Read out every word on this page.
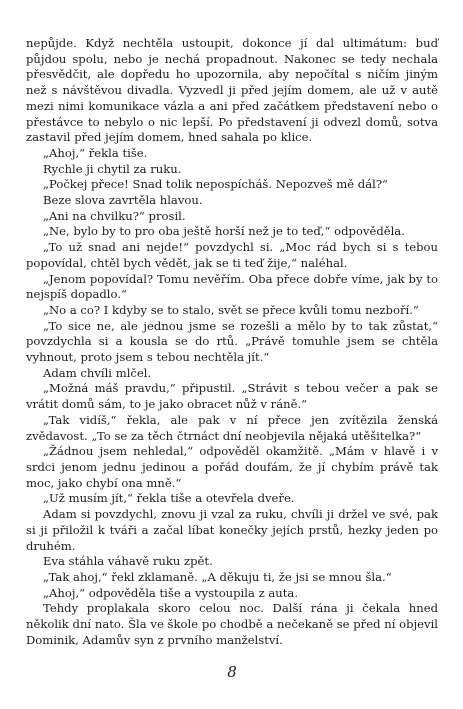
nepůjde. Když nechtěla ustoupit, dokonce jí dal ultimátum: buď půjdou spolu, nebo je nechá propadnout. Nakonec se tedy nechala přesvědčit, ale dopředu ho upozornila, aby nepočítal s ničím jiným než s návštěvou divadla. Vyzvedl ji před jejím domem, ale už v autě mezi nimi komunikace vázla a ani před začátkem představení nebo o přestávce to nebylo o nic lepší. Po představení ji odvezl domů, sotva zastavil před jejím domem, hned sahala po klice.

„Ahoj,“ řekla tiše.

Rychle ji chytil za ruku.

„Počkej přece! Snad tolik nepospícháš. Nepozveš mě dál?“

Beze slova zavrtěla hlavou.

„Ani na chvilku?“ prosil.

„Ne, bylo by to pro oba ještě horší než je to teď,“ odpověděla.

„To už snad ani nejde!“ povzdychl si. „Moc rád bych si s tebou popovídal, chtěl bych vědět, jak se ti teď žije,“ naléhal.

„Jenom popovídal? Tomu nevěřím. Oba přece dobře víme, jak by to nejspíš dopadlo.“

„No a co? I kdyby se to stalo, svět se přece kvůli tomu nezboří.“

„To sice ne, ale jednou jsme se rozešli a mělo by to tak zůstat,“ povzdychla si a kousla se do rtů. „Právě tomuhle jsem se chtěla vyhnout, proto jsem s tebou nechtěla jít.“

Adam chvíli mlčel.

„Možná máš pravdu,“ připustil. „Strávit s tebou večer a pak se vrátit domů sám, to je jako obracet nůž v ráně.“

„Tak vidíš,“ řekla, ale pak v ní přece jen zvítězila ženská zvědavost. „To se za těch čtrnáct dní neobjevila nějaká utěšitelka?“

„Žádnou jsem nehledal,“ odpověděl okamžitě. „Mám v hlavě i v srdci jenom jednu jedinou a pořád doufám, že jí chybím právě tak moc, jako chybí ona mně.“

„Už musím jít,“ řekla tiše a otevřela dveře.

Adam si povzdychl, znovu ji vzal za ruku, chvíli ji držel ve své, pak si ji přiložil k tváři a začal líbat konečky jejích prstů, hezky jeden po druhém.

Eva stáhla váhavě ruku zpět.

„Tak ahoj,“ řekl zklamaně. „A děkuju ti, že jsi se mnou šla.“

„Ahoj,“ odpověděla tiše a vystoupila z auta.

Tehdy proplakala skoro celou noc. Další rána ji čekala hned několik dní nato. Šla ve škole po chodbě a nečekaně se před ní objevil Dominik, Adamův syn z prvního manželství.

8
